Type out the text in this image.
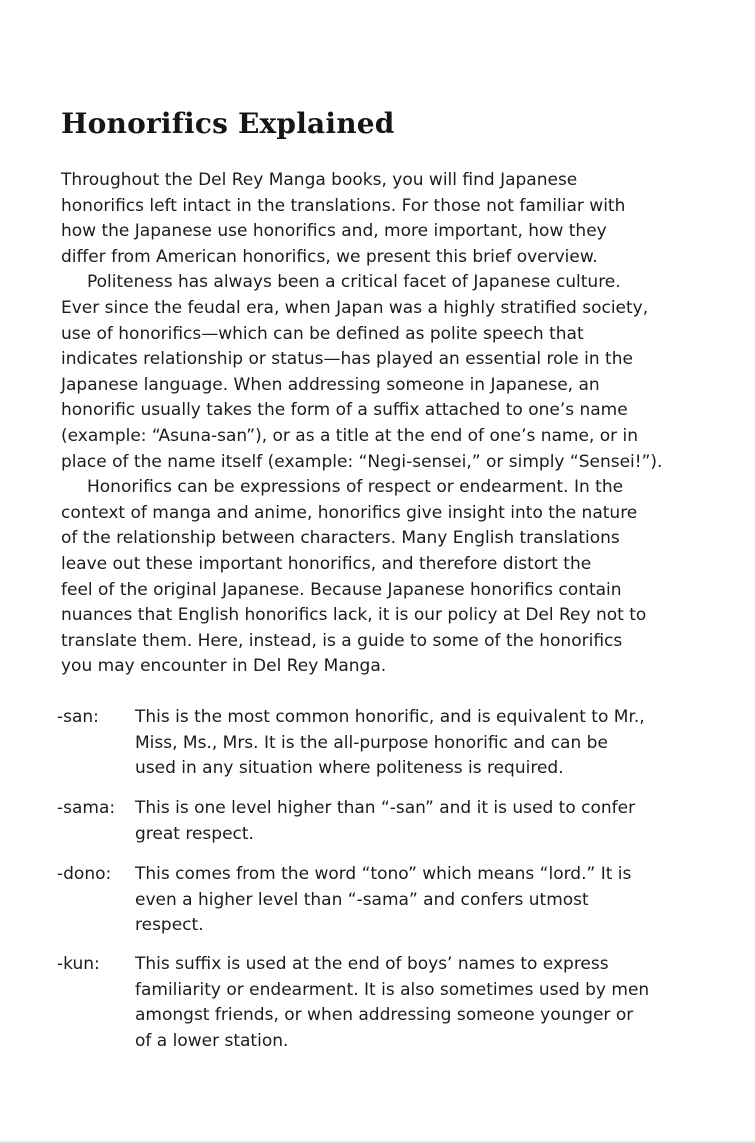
Honorifics Explained
Throughout the Del Rey Manga books, you will find Japanese
honorifics left intact in the translations. For those not familiar with
how the Japanese use honorifics and, more important, how they
differ from American honorifics, we present this brief overview.
Politeness has always been a critical facet of Japanese culture.
Ever since the feudal era, when Japan was a highly stratified society,
use of honorifics—which can be defined as polite speech that
indicates relationship or status—has played an essential role in the
Japanese language. When addressing someone in Japanese, an
honorific usually takes the form of a suffix attached to one’s name
(example: “Asuna-san”), or as a title at the end of one’s name, or in
place of the name itself (example: “Negi-sensei,” or simply “Sensei!”).
Honorifics can be expressions of respect or endearment. In the
context of manga and anime, honorifics give insight into the nature
of the relationship between characters. Many English translations
leave out these important honorifics, and therefore distort the
feel of the original Japanese. Because Japanese honorifics contain
nuances that English honorifics lack, it is our policy at Del Rey not to
translate them. Here, instead, is a guide to some of the honorifics
you may encounter in Del Rey Manga.
-san: This is the most common honorific, and is equivalent to Mr.,
Miss, Ms., Mrs. It is the all-purpose honorific and can be
used in any situation where politeness is required.
-sama: This is one level higher than “-san” and it is used to confer
great respect.
-dono: This comes from the word “tono” which means “lord.” It is
even a higher level than “-sama” and confers utmost
respect.
-kun: This suffix is used at the end of boys’ names to express
familiarity or endearment. It is also sometimes used by men
amongst friends, or when addressing someone younger or
of a lower station.
